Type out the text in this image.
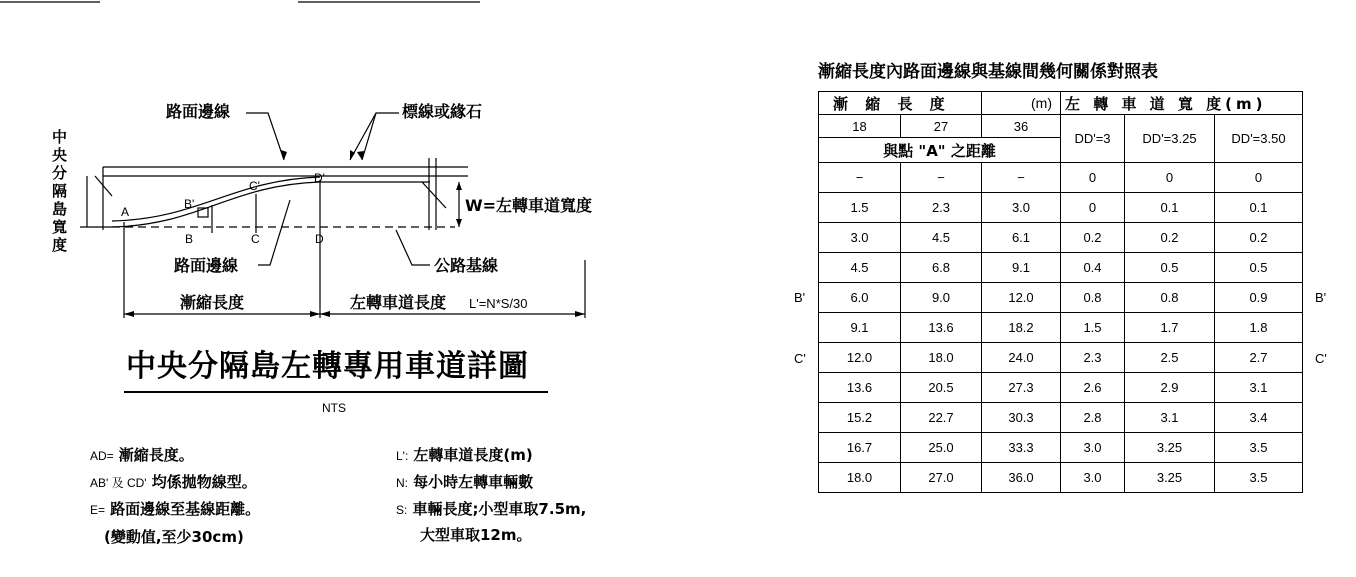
路面邊線	標線或緣石
中央分隔島寬度
W=左轉車道寬度
路面邊線	公路基線
漸縮長度	左轉車道長度 L'=N*S/30
A
B'
C'
D'
B	C	D
中央分隔島左轉專用車道詳圖
NTS
AD= 漸縮長度。
AB' 及 CD' 均係拋物線型。
E= 路面邊線至基線距離。
(變動值,至少30cm)
L': 左轉車道長度(m)
N: 每小時左轉車輛數
S: 車輛長度;小型車取7.5m,
大型車取12m。
漸縮長度內路面邊線與基線間幾何關係對照表
漸 縮 長 度		(m)	左 轉 車 道 寬 度(m)		
18	27	36	DD'=3	DD'=3.25	DD'=3.50
與點 "A" 之距離					
−	−	−	0	0	0
1.5	2.3	3.0	0	0.1	0.1
3.0	4.5	6.1	0.2	0.2	0.2
4.5	6.8	9.1	0.4	0.5	0.5
6.0	9.0	12.0	0.8	0.8	0.9
9.1	13.6	18.2	1.5	1.7	1.8
12.0	18.0	24.0	2.3	2.5	2.7
13.6	20.5	27.3	2.6	2.9	3.1
15.2	22.7	30.3	2.8	3.1	3.4
16.7	25.0	33.3	3.0	3.25	3.5
18.0	27.0	36.0	3.0	3.25	3.5
B'	B'
C'	C'
